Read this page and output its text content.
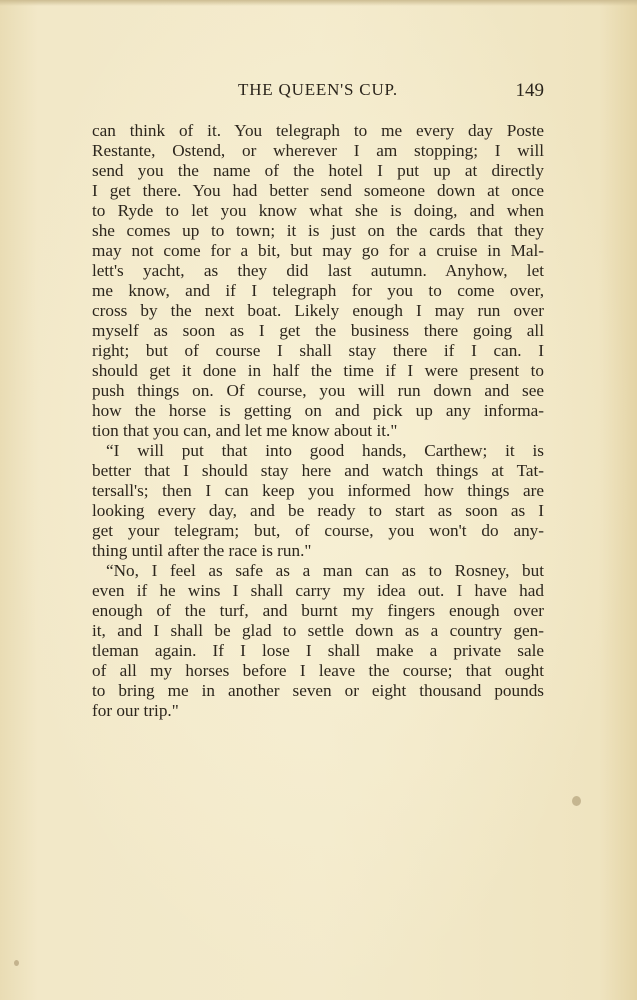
THE QUEEN'S CUP.	149
can think of it. You telegraph to me every day Poste
Restante, Ostend, or wherever I am stopping; I will
send you the name of the hotel I put up at directly
I get there. You had better send someone down at once
to Ryde to let you know what she is doing, and when
she comes up to town; it is just on the cards that they
may not come for a bit, but may go for a cruise in Mal-
lett's yacht, as they did last autumn. Anyhow, let
me know, and if I telegraph for you to come over,
cross by the next boat. Likely enough I may run over
myself as soon as I get the business there going all
right; but of course I shall stay there if I can. I
should get it done in half the time if I were present to
push things on. Of course, you will run down and see
how the horse is getting on and pick up any informa-
tion that you can, and let me know about it."
“I will put that into good hands, Carthew; it is
better that I should stay here and watch things at Tat-
tersall's; then I can keep you informed how things are
looking every day, and be ready to start as soon as I
get your telegram; but, of course, you won't do any-
thing until after the race is run."
“No, I feel as safe as a man can as to Rosney, but
even if he wins I shall carry my idea out. I have had
enough of the turf, and burnt my fingers enough over
it, and I shall be glad to settle down as a country gen-
tleman again. If I lose I shall make a private sale
of all my horses before I leave the course; that ought
to bring me in another seven or eight thousand pounds
for our trip."
